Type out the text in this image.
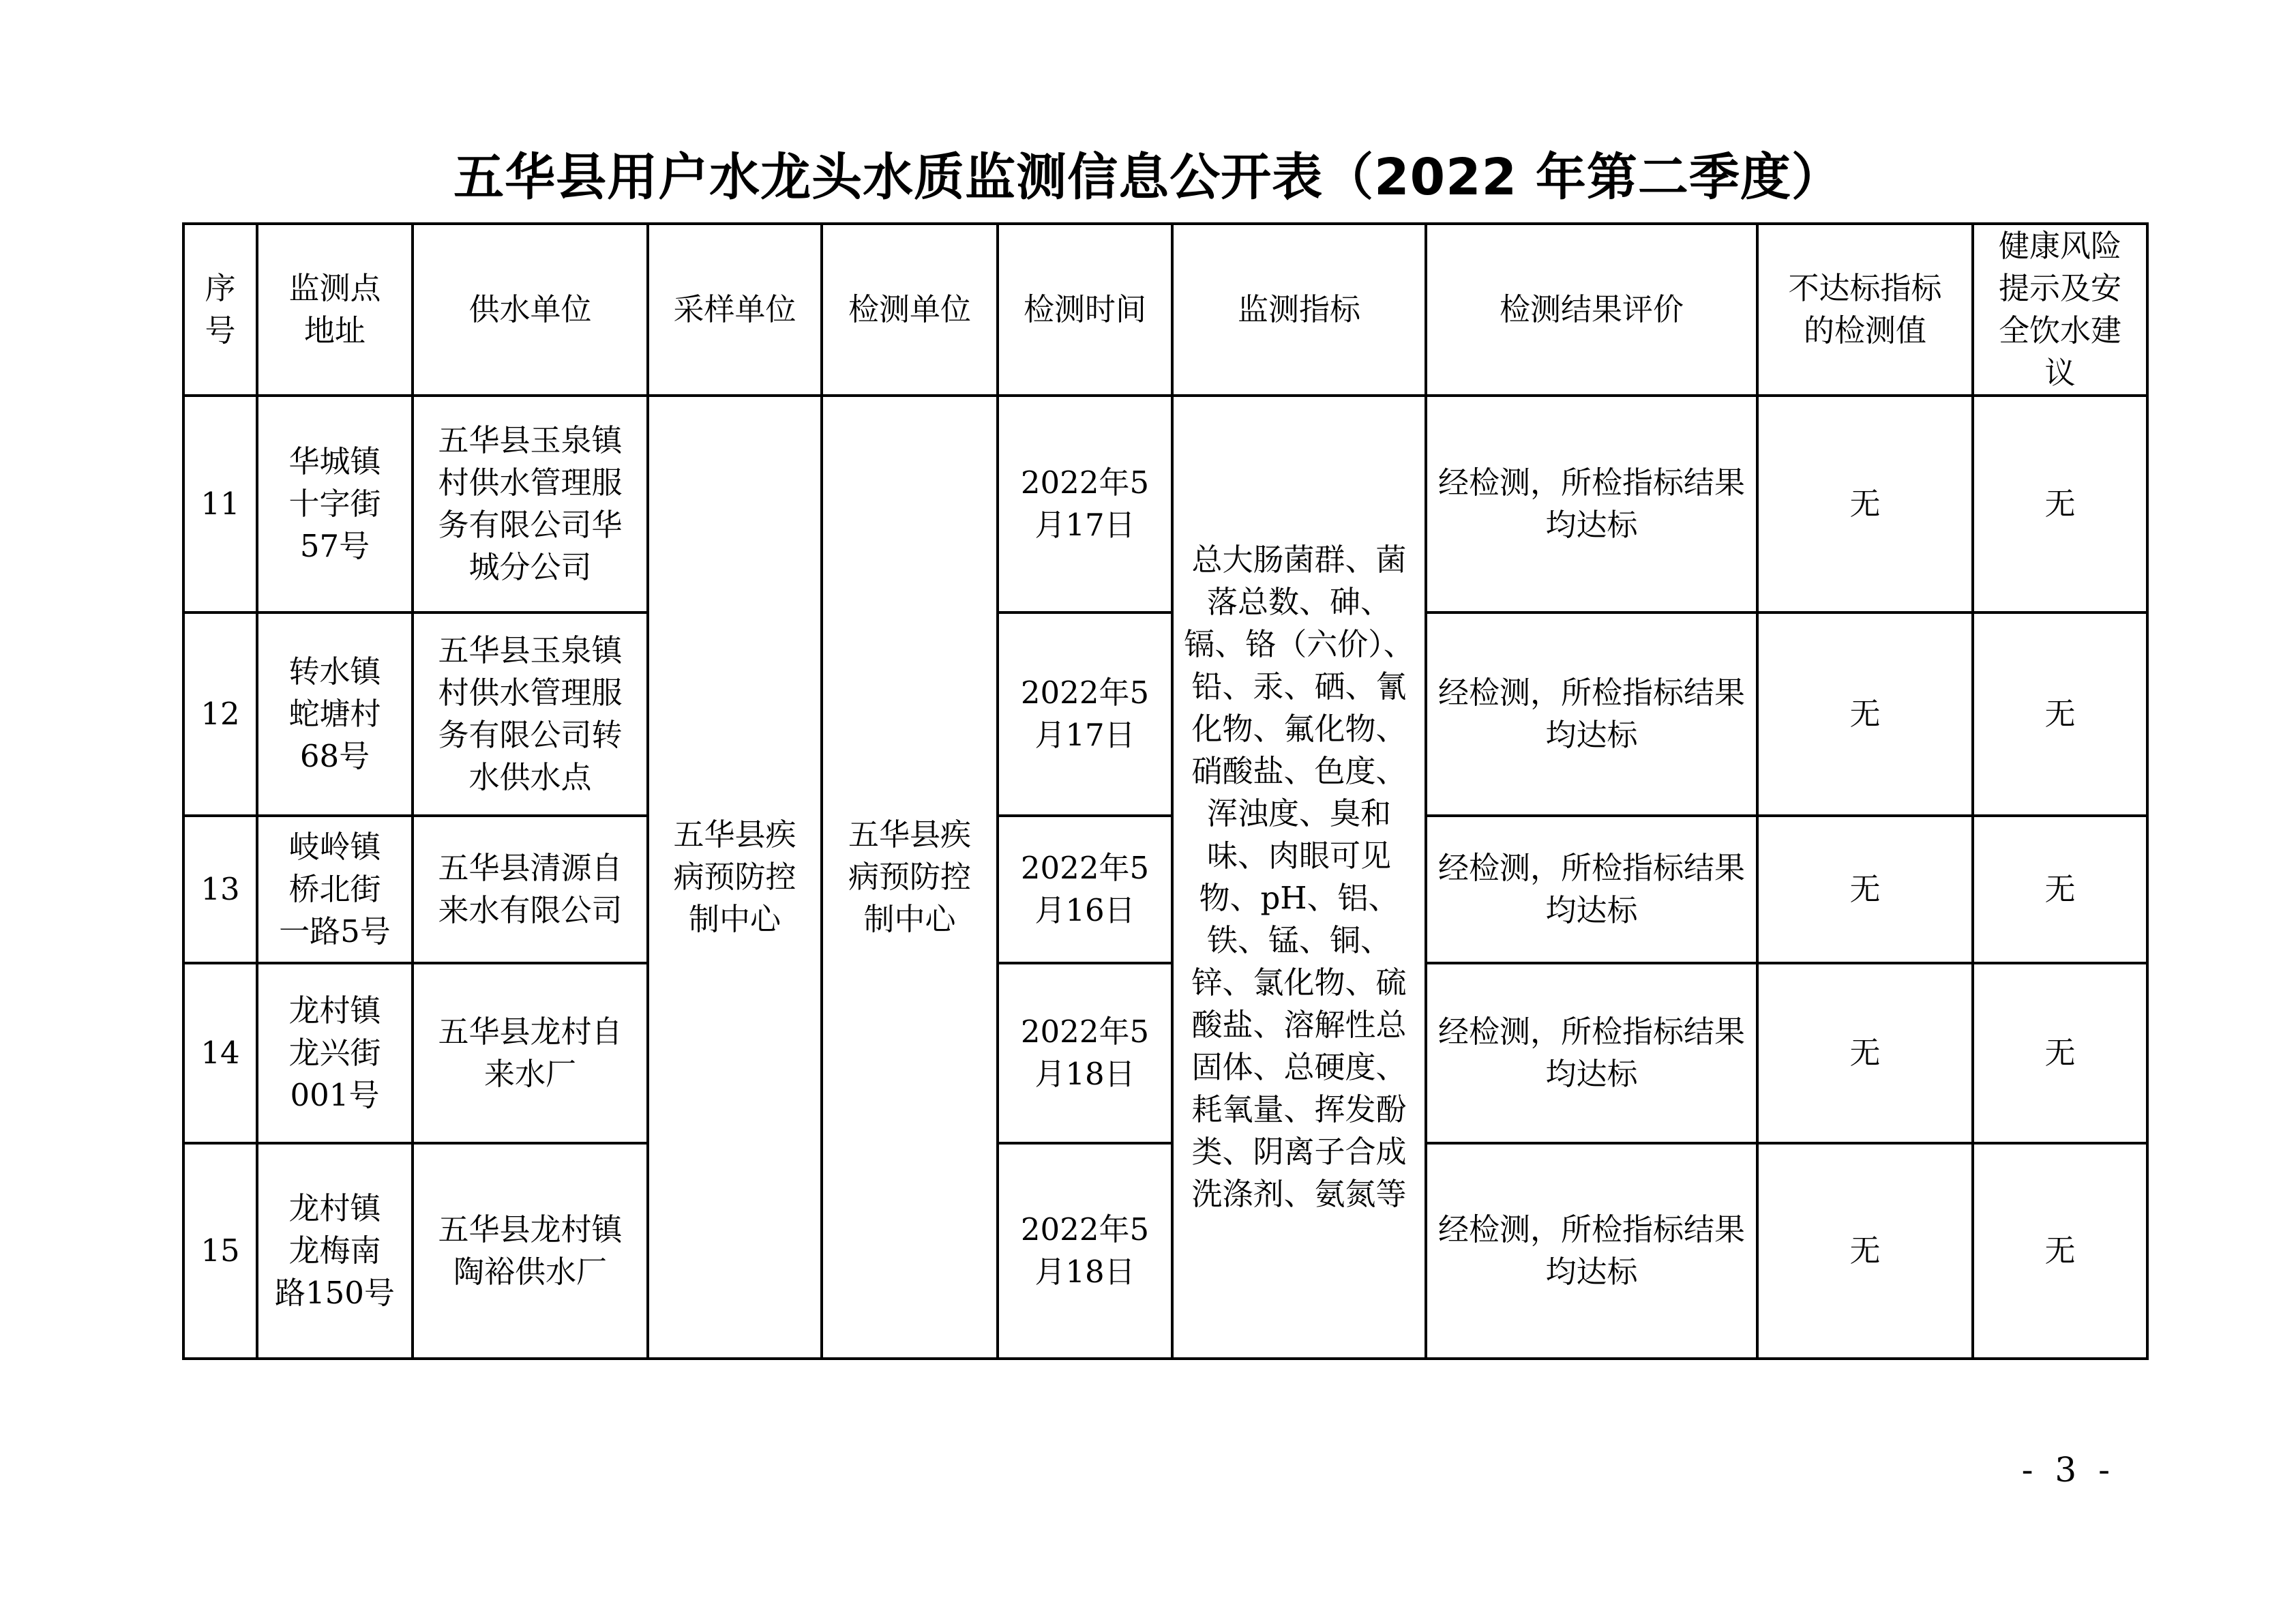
五华县用户水龙头水质监测信息公开表（2022 年第二季度）
序号	监测点地址	供水单位	采样单位	检测单位	检测时间	监测指标	检测结果评价	不达标指标的检测值	健康风险提示及安全饮水建议
11	华城镇十字街57号	五华县玉泉镇村供水管理服务有限公司华城分公司	五华县疾病预防控制中心	五华县疾病预防控制中心	2022年5月17日	总大肠菌群、菌落总数、砷、镉、铬（六价）、铅、汞、硒、氰化物、氟化物、硝酸盐、色度、浑浊度、臭和味、肉眼可见物、pH、铝、铁、锰、铜、锌、氯化物、硫酸盐、溶解性总固体、总硬度、耗氧量、挥发酚类、阴离子合成洗涤剂、氨氮等	经检测，所检指标结果均达标	无	无
12	转水镇蛇塘村68号	五华县玉泉镇村供水管理服务有限公司转水供水点			2022年5月17日		经检测，所检指标结果均达标	无	无
13	岐岭镇桥北街一路5号	五华县清源自来水有限公司			2022年5月16日		经检测，所检指标结果均达标	无	无
14	龙村镇龙兴街001号	五华县龙村自来水厂			2022年5月18日		经检测，所检指标结果均达标	无	无
15	龙村镇龙梅南路150号	五华县龙村镇陶裕供水厂			2022年5月18日		经检测，所检指标结果均达标	无	无
- 3 -
